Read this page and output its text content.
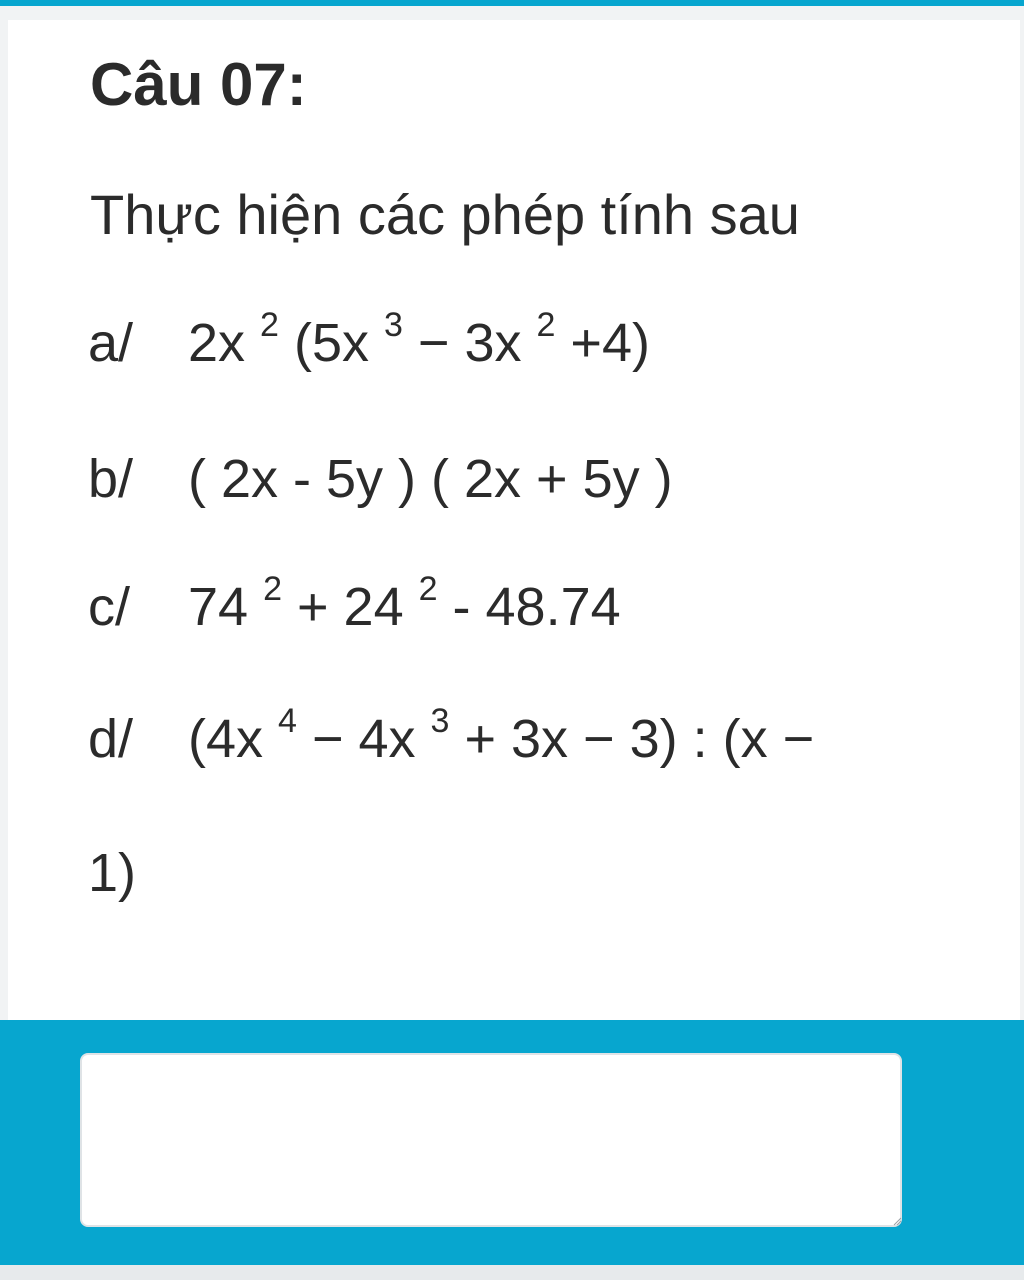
Câu 07:
Thực hiện các phép tính sau
a/ 2x $^2$ (5x $^3$ − 3x $^2$ +4)
b/ ( 2x - 5y ) ( 2x + 5y )
c/ 74 $^2$ + 24 $^2$ - 48.74
d/ (4x $^4$ − 4x $^3$ + 3x − 3) : (x −
1)
